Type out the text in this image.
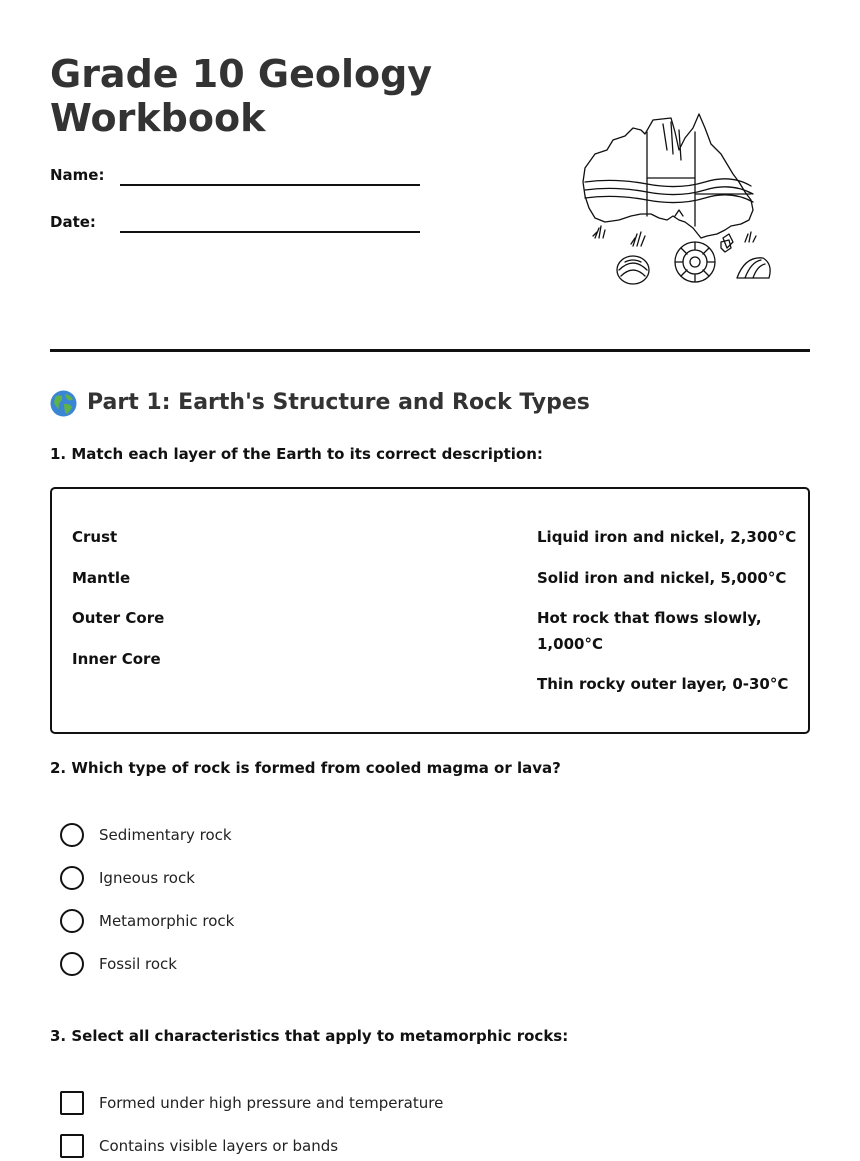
Grade 10 Geology
Workbook
Name:
Date:
Part 1: Earth's Structure and Rock Types

1. Match each layer of the Earth to its correct description:

Crust
Mantle
Outer Core
Inner Core
Liquid iron and nickel, 2,300°C
Solid iron and nickel, 5,000°C
Hot rock that flows slowly,
1,000°C
Thin rocky outer layer, 0-30°C

2. Which type of rock is formed from cooled magma or lava?

Sedimentary rock
Igneous rock
Metamorphic rock
Fossil rock

3. Select all characteristics that apply to metamorphic rocks:

Formed under high pressure and temperature
Contains visible layers or bands
